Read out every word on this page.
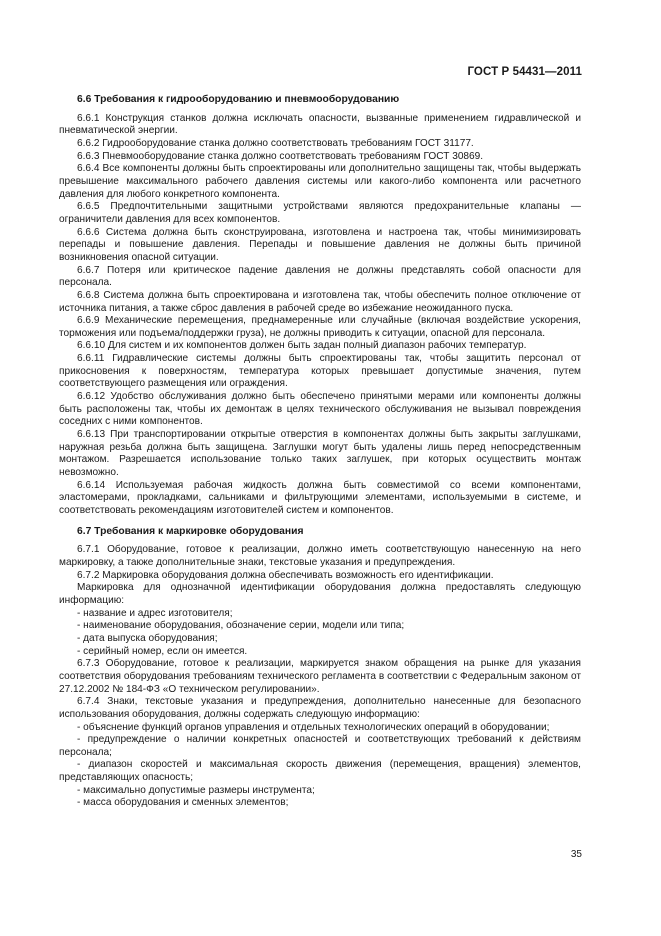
ГОСТ Р 54431—2011
6.6 Требования к гидрооборудованию и пневмооборудованию

6.6.1 Конструкция станков должна исключать опасности, вызванные применением гидравлической и пневматической энергии.

6.6.2 Гидрооборудование станка должно соответствовать требованиям ГОСТ 31177.

6.6.3 Пневмооборудование станка должно соответствовать требованиям ГОСТ 30869.

6.6.4 Все компоненты должны быть спроектированы или дополнительно защищены так, чтобы выдержать превышение максимального рабочего давления системы или какого-либо компонента или расчетного давления для любого конкретного компонента.

6.6.5 Предпочтительными защитными устройствами являются предохранительные клапаны — ограничители давления для всех компонентов.

6.6.6 Система должна быть сконструирована, изготовлена и настроена так, чтобы минимизировать перепады и повышение давления. Перепады и повышение давления не должны быть причиной возникновения опасной ситуации.

6.6.7 Потеря или критическое падение давления не должны представлять собой опасности для персонала.

6.6.8 Система должна быть спроектирована и изготовлена так, чтобы обеспечить полное отключение от источника питания, а также сброс давления в рабочей среде во избежание неожиданного пуска.

6.6.9 Механические перемещения, преднамеренные или случайные (включая воздействие ускорения, торможения или подъема/поддержки груза), не должны приводить к ситуации, опасной для персонала.

6.6.10 Для систем и их компонентов должен быть задан полный диапазон рабочих температур.

6.6.11 Гидравлические системы должны быть спроектированы так, чтобы защитить персонал от прикосновения к поверхностям, температура которых превышает допустимые значения, путем соответствующего размещения или ограждения.

6.6.12 Удобство обслуживания должно быть обеспечено принятыми мерами или компоненты должны быть расположены так, чтобы их демонтаж в целях технического обслуживания не вызывал повреждения соседних с ними компонентов.

6.6.13 При транспортировании открытые отверстия в компонентах должны быть закрыты заглушками, наружная резьба должна быть защищена. Заглушки могут быть удалены лишь перед непосредственным монтажом. Разрешается использование только таких заглушек, при которых осуществить монтаж невозможно.

6.6.14 Используемая рабочая жидкость должна быть совместимой со всеми компонентами, эластомерами, прокладками, сальниками и фильтрующими элементами, используемыми в системе, и соответствовать рекомендациям изготовителей систем и компонентов.

6.7 Требования к маркировке оборудования

6.7.1 Оборудование, готовое к реализации, должно иметь соответствующую нанесенную на него маркировку, а также дополнительные знаки, текстовые указания и предупреждения.

6.7.2 Маркировка оборудования должна обеспечивать возможность его идентификации.

Маркировка для однозначной идентификации оборудования должна предоставлять следующую информацию:

- название и адрес изготовителя;

- наименование оборудования, обозначение серии, модели или типа;

- дата выпуска оборудования;

- серийный номер, если он имеется.

6.7.3 Оборудование, готовое к реализации, маркируется знаком обращения на рынке для указания соответствия оборудования требованиям технического регламента в соответствии с Федеральным законом от 27.12.2002 № 184-ФЗ «О техническом регулировании».

6.7.4 Знаки, текстовые указания и предупреждения, дополнительно нанесенные для безопасного использования оборудования, должны содержать следующую информацию:

- объяснение функций органов управления и отдельных технологических операций в оборудовании;

- предупреждение о наличии конкретных опасностей и соответствующих требований к действиям персонала;

- диапазон скоростей и максимальная скорость движения (перемещения, вращения) элементов, представляющих опасность;

- максимально допустимые размеры инструмента;

- масса оборудования и сменных элементов;

35
